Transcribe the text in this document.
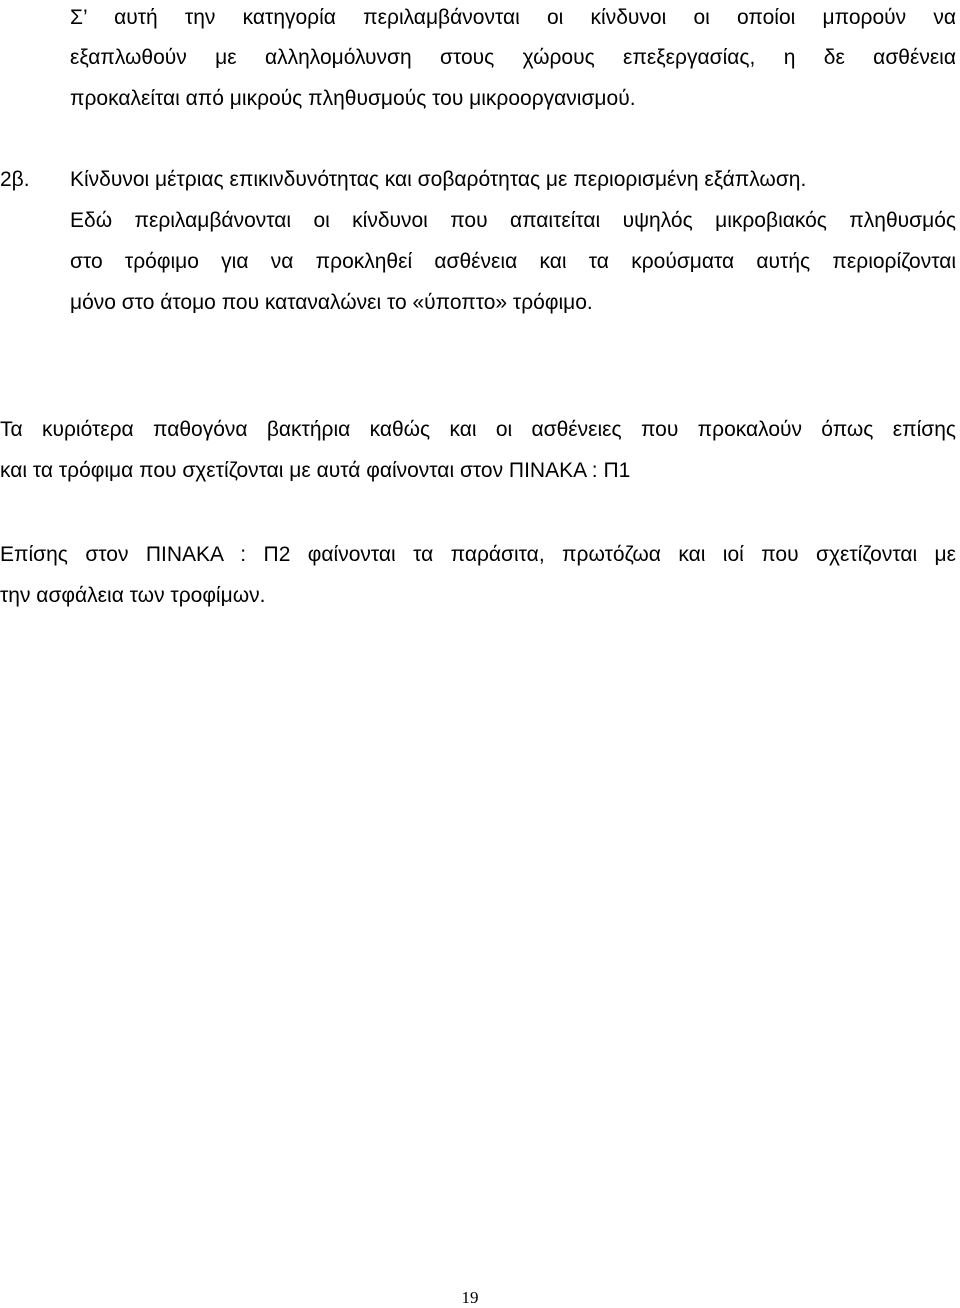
Σ’ αυτή την κατηγορία περιλαμβάνονται οι κίνδυνοι οι οποίοι μπορούν να
εξαπλωθούν με αλληλομόλυνση στους χώρους επεξεργασίας, η δε ασθένεια
προκαλείται από μικρούς πληθυσμούς του μικροοργανισμού.
2β. Κίνδυνοι μέτριας επικινδυνότητας και σοβαρότητας με περιορισμένη εξάπλωση.
Εδώ περιλαμβάνονται οι κίνδυνοι που απαιτείται υψηλός μικροβιακός πληθυσμός
στο τρόφιμο για να προκληθεί ασθένεια και τα κρούσματα αυτής περιορίζονται
μόνο στο άτομο που καταναλώνει το «ύποπτο» τρόφιμο.
Τα κυριότερα παθογόνα βακτήρια καθώς και οι ασθένειες που προκαλούν όπως επίσης
και τα τρόφιμα που σχετίζονται με αυτά φαίνονται στον ΠΙΝΑΚΑ : Π1
Επίσης στον ΠΙΝΑΚΑ : Π2 φαίνονται τα παράσιτα, πρωτόζωα και ιοί που σχετίζονται με
την ασφάλεια των τροφίμων.
19
